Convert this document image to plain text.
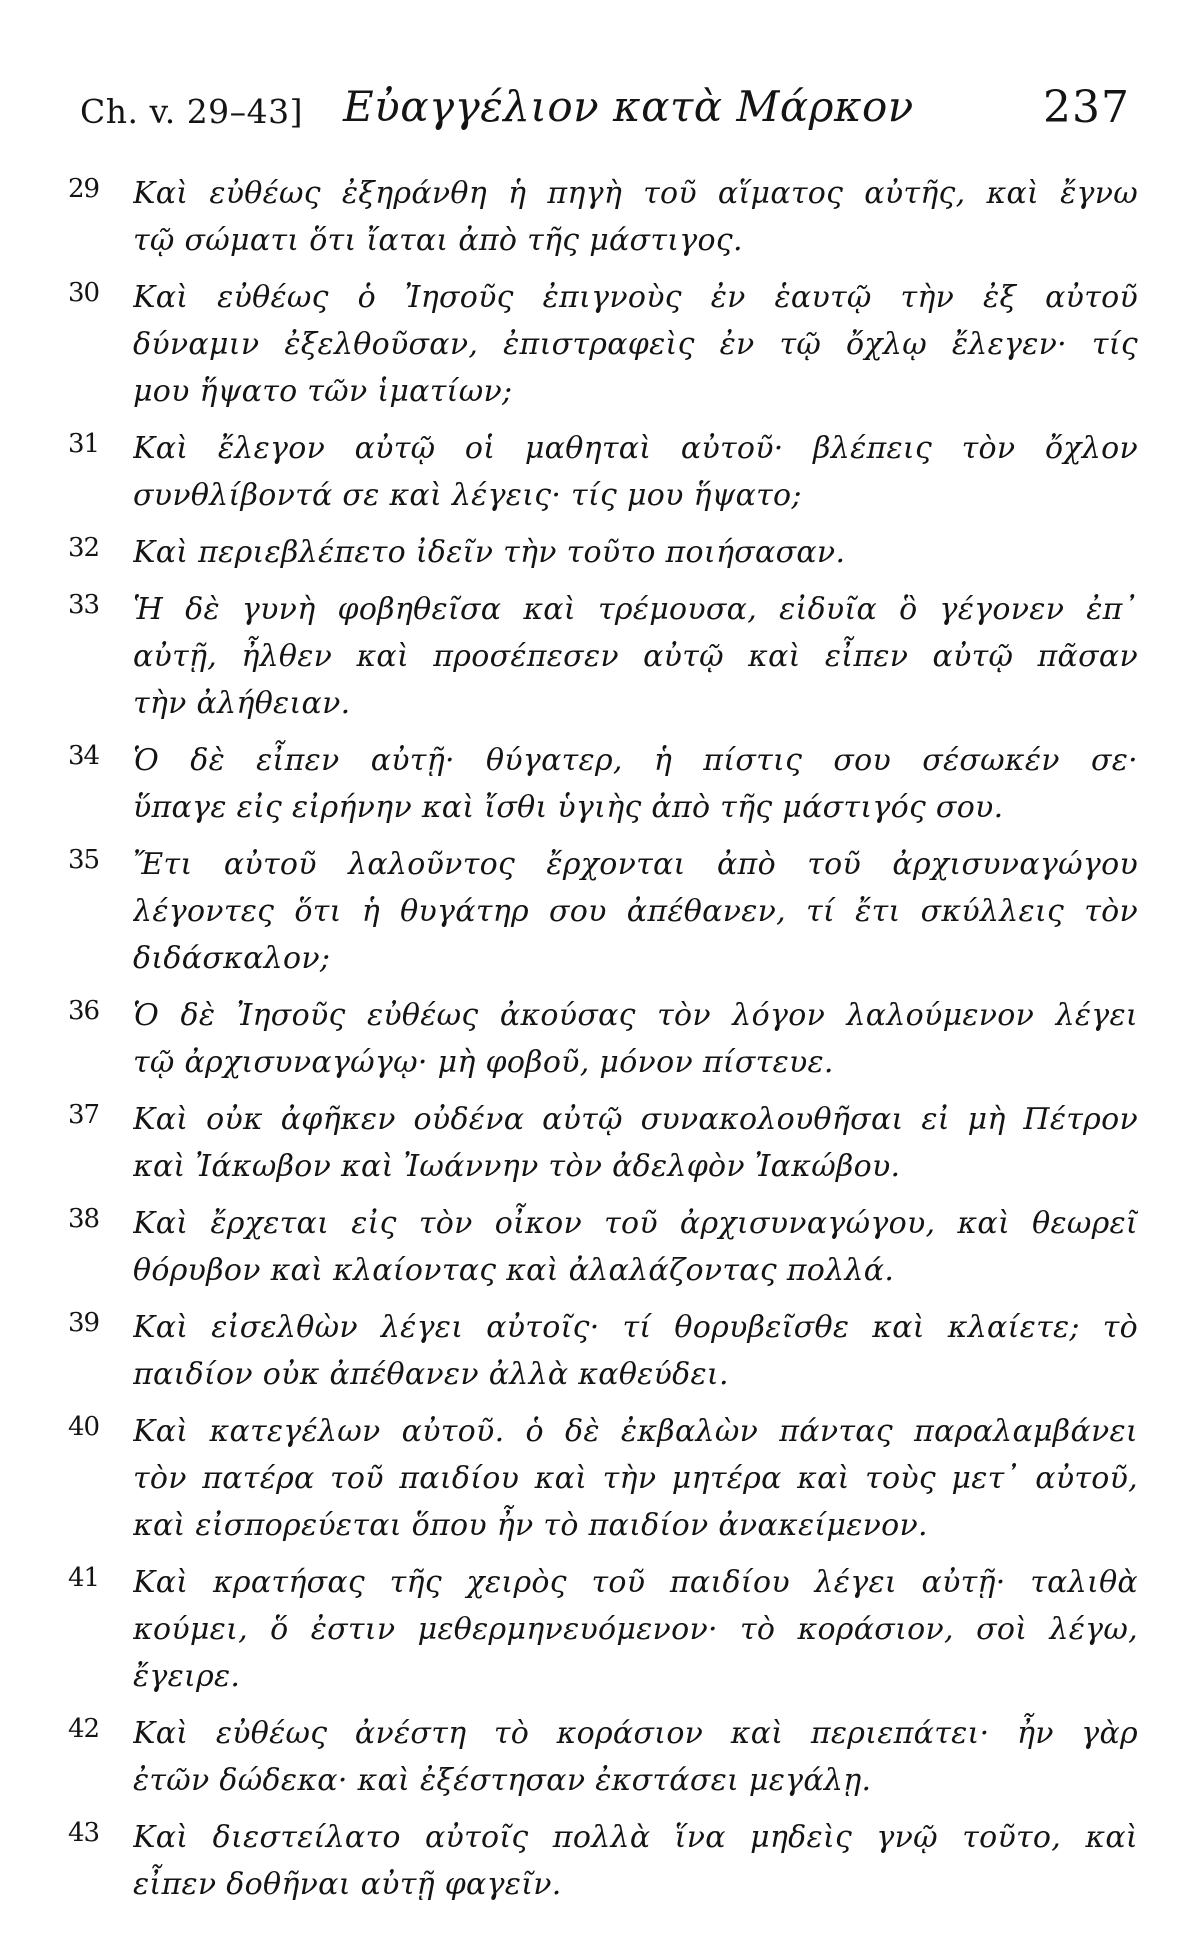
Ch. v. 29–43] Εὐαγγέλιον κατὰ Μάρκον	237
29	Καὶ εὐθέως ἐξηράνθη ἡ πηγὴ τοῦ αἵματος αὐτῆς, καὶ ἔγνω
τῷ σώματι ὅτι ἴαται ἀπὸ τῆς μάστιγος.
30	Καὶ εὐθέως ὁ Ἰησοῦς ἐπιγνοὺς ἐν ἑαυτῷ τὴν ἐξ αὐτοῦ
δύναμιν ἐξελθοῦσαν, ἐπιστραφεὶς ἐν τῷ ὄχλῳ ἔλεγεν· τίς
μου ἥψατο τῶν ἱματίων;
31	Καὶ ἔλεγον αὐτῷ οἱ μαθηταὶ αὐτοῦ· βλέπεις τὸν ὄχλον
συνθλίβοντά σε καὶ λέγεις· τίς μου ἥψατο;
32	Καὶ περιεβλέπετο ἰδεῖν τὴν τοῦτο ποιήσασαν.
33	Ἡ δὲ γυνὴ φοβηθεῖσα καὶ τρέμουσα, εἰδυῖα ὃ γέγονεν ἐπ᾽
αὐτῇ, ἦλθεν καὶ προσέπεσεν αὐτῷ καὶ εἶπεν αὐτῷ πᾶσαν
τὴν ἀλήθειαν.
34	Ὁ δὲ εἶπεν αὐτῇ· θύγατερ, ἡ πίστις σου σέσωκέν σε·
ὕπαγε εἰς εἰρήνην καὶ ἴσθι ὑγιὴς ἀπὸ τῆς μάστιγός σου.
35	Ἔτι αὐτοῦ λαλοῦντος ἔρχονται ἀπὸ τοῦ ἀρχισυναγώγου
λέγοντες ὅτι ἡ θυγάτηρ σου ἀπέθανεν, τί ἔτι σκύλλεις τὸν
διδάσκαλον;
36	Ὁ δὲ Ἰησοῦς εὐθέως ἀκούσας τὸν λόγον λαλούμενον λέγει
τῷ ἀρχισυναγώγῳ· μὴ φοβοῦ, μόνον πίστευε.
37	Καὶ οὐκ ἀφῆκεν οὐδένα αὐτῷ συνακολουθῆσαι εἰ μὴ Πέτρον
καὶ Ἰάκωβον καὶ Ἰωάννην τὸν ἀδελφὸν Ἰακώβου.
38	Καὶ ἔρχεται εἰς τὸν οἶκον τοῦ ἀρχισυναγώγου, καὶ θεωρεῖ
θόρυβον καὶ κλαίοντας καὶ ἀλαλάζοντας πολλά.
39	Καὶ εἰσελθὼν λέγει αὐτοῖς· τί θορυβεῖσθε καὶ κλαίετε; τὸ
παιδίον οὐκ ἀπέθανεν ἀλλὰ καθεύδει.
40	Καὶ κατεγέλων αὐτοῦ. ὁ δὲ ἐκβαλὼν πάντας παραλαμβάνει
τὸν πατέρα τοῦ παιδίου καὶ τὴν μητέρα καὶ τοὺς μετ᾽ αὐτοῦ,
καὶ εἰσπορεύεται ὅπου ἦν τὸ παιδίον ἀνακείμενον.
41	Καὶ κρατήσας τῆς χειρὸς τοῦ παιδίου λέγει αὐτῇ· ταλιθὰ
κούμει, ὅ ἐστιν μεθερμηνευόμενον· τὸ κοράσιον, σοὶ λέγω,
ἔγειρε.
42	Καὶ εὐθέως ἀνέστη τὸ κοράσιον καὶ περιεπάτει· ἦν γὰρ
ἐτῶν δώδεκα· καὶ ἐξέστησαν ἐκστάσει μεγάλῃ.
43	Καὶ διεστείλατο αὐτοῖς πολλὰ ἵνα μηδεὶς γνῷ τοῦτο, καὶ
εἶπεν δοθῆναι αὐτῇ φαγεῖν.
